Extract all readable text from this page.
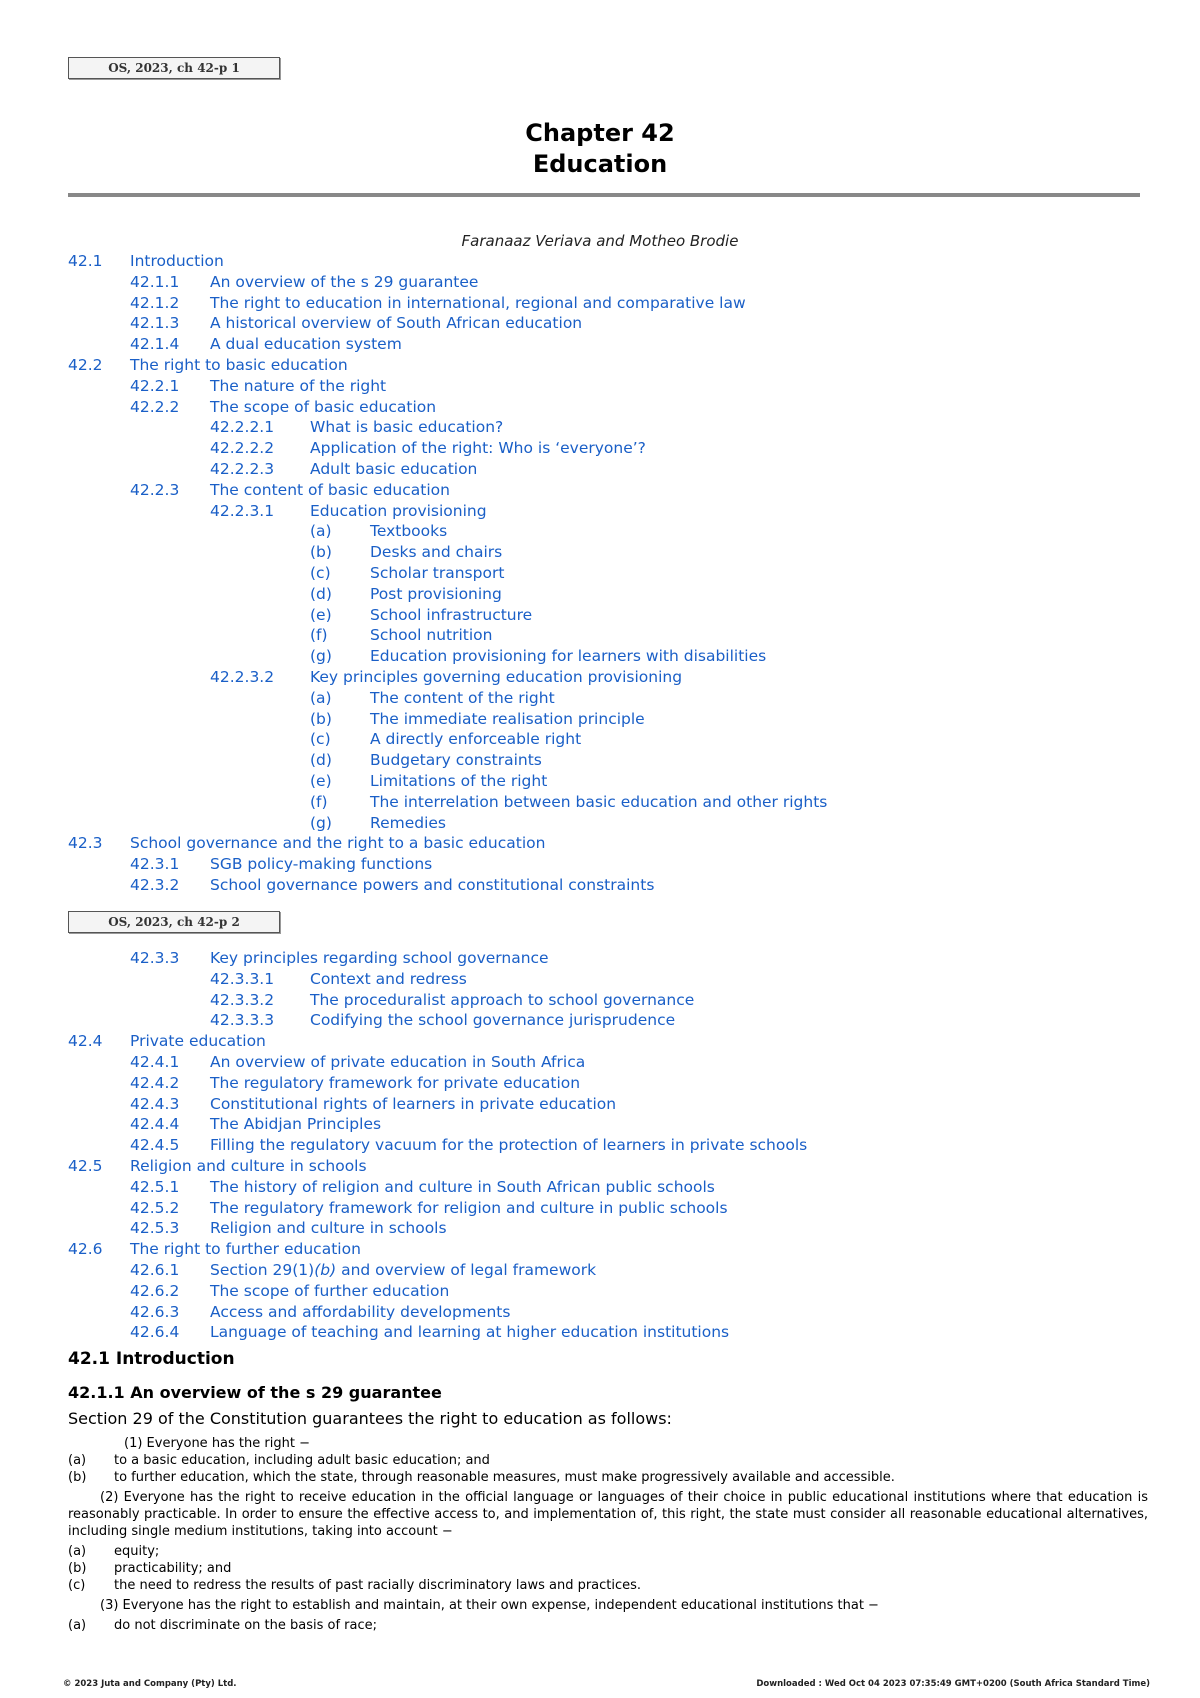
OS, 2023, ch 42-p 1
Chapter 42
Education
Faranaaz Veriava and Motheo Brodie
42.1 Introduction
42.1.1 An overview of the s 29 guarantee
42.1.2 The right to education in international, regional and comparative law
42.1.3 A historical overview of South African education
42.1.4 A dual education system
42.2 The right to basic education
42.2.1 The nature of the right
42.2.2 The scope of basic education
42.2.2.1 What is basic education?
42.2.2.2 Application of the right: Who is ‘everyone’?
42.2.2.3 Adult basic education
42.2.3 The content of basic education
42.2.3.1 Education provisioning
(a) Textbooks
(b) Desks and chairs
(c)	Scholar transport
(d) Post provisioning
(e) School infrastructure
(f)	School nutrition
(g) Education provisioning for learners with disabilities
42.2.3.2 Key principles governing education provisioning
(a) The content of the right
(b) The immediate realisation principle
(c)	A directly enforceable right
(d) Budgetary constraints
(e) Limitations of the right
(f)	The interrelation between basic education and other rights
(g) Remedies
42.3 School governance and the right to a basic education
42.3.1 SGB policy-making functions
42.3.2 School governance powers and constitutional constraints
OS, 2023, ch 42-p 2
42.3.3 Key principles regarding school governance
42.3.3.1 Context and redress
42.3.3.2 The proceduralist approach to school governance
42.3.3.3 Codifying the school governance jurisprudence
42.4 Private education
42.4.1 An overview of private education in South Africa
42.4.2 The regulatory framework for private education
42.4.3 Constitutional rights of learners in private education
42.4.4 The Abidjan Principles
42.4.5 Filling the regulatory vacuum for the protection of learners in private schools
42.5 Religion and culture in schools
42.5.1 The history of religion and culture in South African public schools
42.5.2 The regulatory framework for religion and culture in public schools
42.5.3 Religion and culture in schools
42.6 The right to further education
42.6.1 Section 29(1)(b) and overview of legal framework
42.6.2 The scope of further education
42.6.3 Access and affordability developments
42.6.4 Language of teaching and learning at higher education institutions
42.1 Introduction
42.1.1 An overview of the s 29 guarantee
Section 29 of the Constitution guarantees the right to education as follows:
(1) Everyone has the right −
(a) to a basic education, including adult basic education; and
(b) to further education, which the state, through reasonable measures, must make progressively available and accessible.
(2) Everyone has the right to receive education in the official language or languages of their choice in public educational institutions where that education is reasonably practicable. In order to ensure the effective access to, and implementation of, this right, the state must consider all reasonable educational alternatives, including single medium institutions, taking into account −
(a) equity;
(b) practicability; and
(c) the need to redress the results of past racially discriminatory laws and practices.
(3) Everyone has the right to establish and maintain, at their own expense, independent educational institutions that −
(a) do not discriminate on the basis of race;
© 2023 Juta and Company (Pty) Ltd.	Downloaded : Wed Oct 04 2023 07:35:49 GMT+0200 (South Africa Standard Time)
